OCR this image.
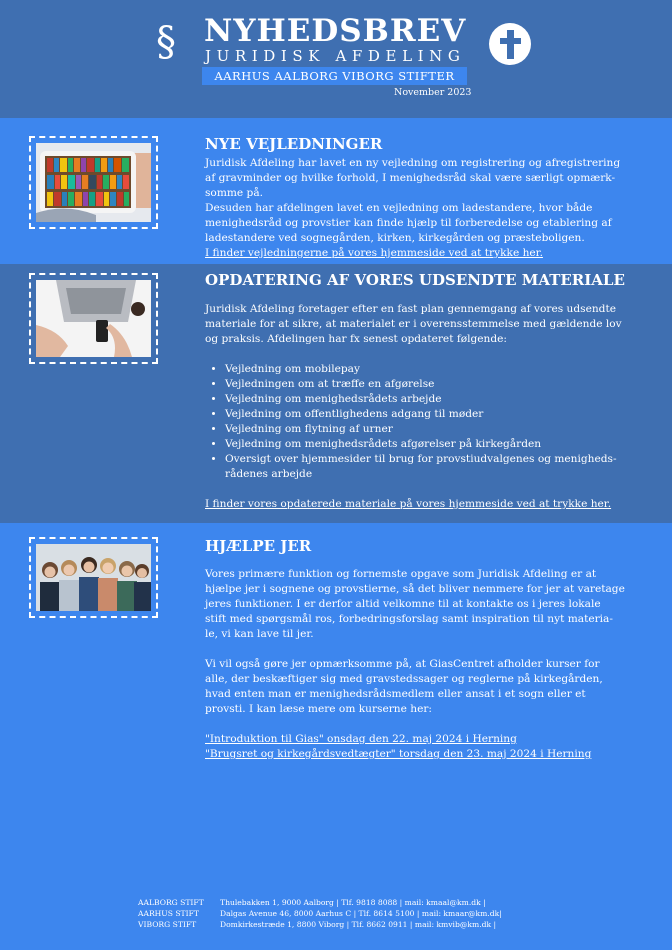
§ NYHEDSBREV
JURIDISK AFDELING
AARHUS AALBORG VIBORG STIFTER
November 2023
NYE VEJLEDNINGER

Juridisk Afdeling har lavet en ny vejledning om registrering og afregistrering af gravminder og hvilke forhold, I menighedsråd skal være særligt opmærk-somme på.

Desuden har afdelingen lavet en vejledning om ladestandere, hvor både menighedsråd og provstier kan finde hjælp til forberedelse og etablering af ladestandere ved sognegården, kirken, kirkegården og præsteboligen.

I finder vejledningerne på vores hjemmeside ved at trykke her.
OPDATERING AF VORES UDSENDTE MATERIALE

Juridisk Afdeling foretager efter en fast plan gennemgang af vores udsendte materiale for at sikre, at materialet er i overensstemmelse med gældende lov og praksis. Afdelingen har fx senest opdateret følgende:

• Vejledning om mobilepay
• Vejledningen om at træffe en afgørelse
• Vejledning om menighedsrådets arbejde
• Vejledning om offentlighedens adgang til møder
• Vejledning om flytning af urner
• Vejledning om menighedsrådets afgørelser på kirkegården
• Oversigt over hjemmesider til brug for provstiudvalgenes og menigheds-rådenes arbejde
I finder vores opdaterede materiale på vores hjemmeside ved at trykke her.
HJÆLPE JER

Vores primære funktion og fornemste opgave som Juridisk Afdeling er at hjælpe jer i sognene og provstierne, så det bliver nemmere for jer at varetage jeres funktioner. I er derfor altid velkomne til at kontakte os i jeres lokale stift med spørgsmål ros, forbedringsforslag samt inspiration til nyt materia-le, vi kan lave til jer.

Vi vil også gøre jer opmærksomme på, at GiasCentret afholder kurser for alle, der beskæftiger sig med gravstedssager og reglerne på kirkegården, hvad enten man er menighedsrådsmedlem eller ansat i et sogn eller et provsti. I kan læse mere om kurserne her:

"Introduktion til Gias" onsdag den 22. maj 2024 i Herning
"Brugsret og kirkegårdsvedtægter" torsdag den 23. maj 2024 i Herning
AALBORG STIFT	Thulebakken 1, 9000 Aalborg | Tlf. 9818 8088 | mail: kmaal@km.dk |
AARHUS STIFT	Dalgas Avenue 46, 8000 Aarhus C | Tlf. 8614 5100 | mail: kmaar@km.dk|
VIBORG STIFT	Domkirkestræde 1, 8800 Viborg | Tlf. 8662 0911 | mail: kmvib@km.dk |
